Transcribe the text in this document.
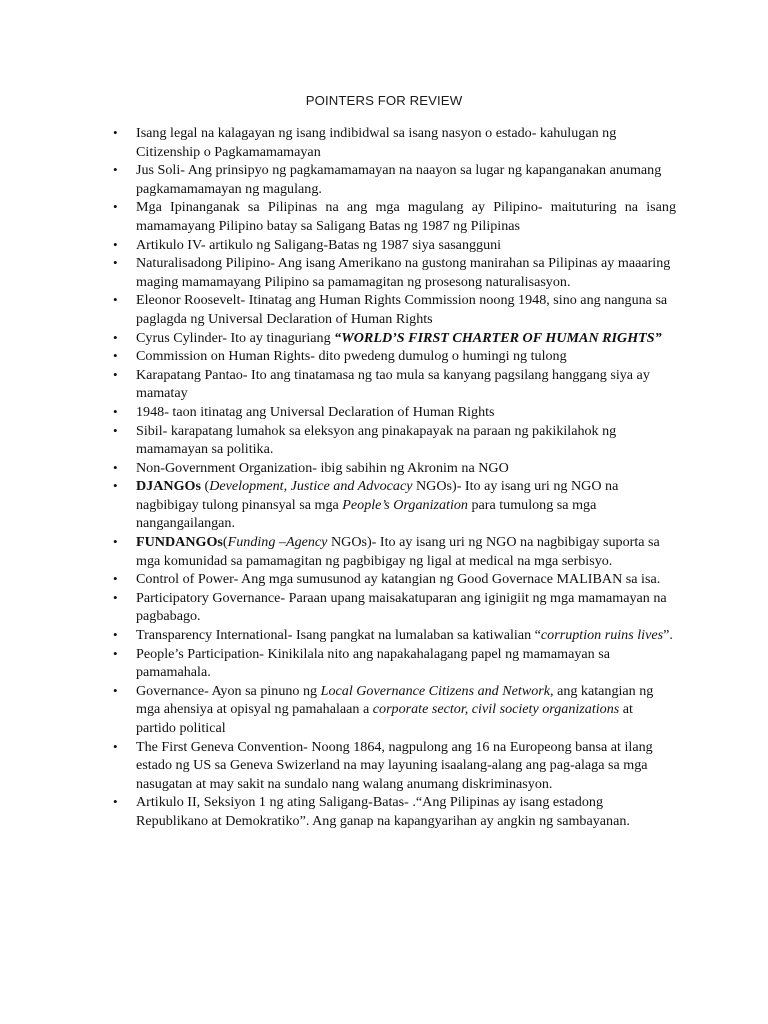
POINTERS FOR REVIEW
• Isang legal na kalagayan ng isang indibidwal sa isang nasyon o estado- kahulugan ng Citizenship o Pagkamamamayan
• Jus Soli- Ang prinsipyo ng pagkamamamayan na naayon sa lugar ng kapanganakan anumang pagkamamamayan ng magulang.
• Mga Ipinanganak sa Pilipinas na ang mga magulang ay Pilipino- maituturing na isang mamamayang Pilipino batay sa Saligang Batas ng 1987 ng Pilipinas
• Artikulo IV- artikulo ng Saligang-Batas ng 1987 siya sasangguni
• Naturalisadong Pilipino- Ang isang Amerikano na gustong manirahan sa Pilipinas ay maaaring maging mamamayang Pilipino sa pamamagitan ng prosesong naturalisasyon.
• Eleonor Roosevelt- Itinatag ang Human Rights Commission noong 1948, sino ang nanguna sa paglagda ng Universal Declaration of Human Rights
• Cyrus Cylinder- Ito ay tinaguriang “WORLD’S FIRST CHARTER OF HUMAN RIGHTS”
• Commission on Human Rights- dito pwedeng dumulog o humingi ng tulong
• Karapatang Pantao- Ito ang tinatamasa ng tao mula sa kanyang pagsilang hanggang siya ay mamatay
• 1948- taon itinatag ang Universal Declaration of Human Rights
• Sibil- karapatang lumahok sa eleksyon ang pinakapayak na paraan ng pakikilahok ng mamamayan sa politika.
• Non-Government Organization- ibig sabihin ng Akronim na NGO
• DJANGOs (Development, Justice and Advocacy NGOs)- Ito ay isang uri ng NGO na nagbibigay tulong pinansyal sa mga People’s Organization para tumulong sa mga nangangailangan.
• FUNDANGOs(Funding –Agency NGOs)- Ito ay isang uri ng NGO na nagbibigay suporta sa mga komunidad sa pamamagitan ng pagbibigay ng ligal at medical na mga serbisyo.
• Control of Power- Ang mga sumusunod ay katangian ng Good Governace MALIBAN sa isa.
• Participatory Governance- Paraan upang maisakatuparan ang iginigiit ng mga mamamayan na pagbabago.
• Transparency International- Isang pangkat na lumalaban sa katiwalian “corruption ruins lives”.
• People’s Participation- Kinikilala nito ang napakahalagang papel ng mamamayan sa pamamahala.
• Governance- Ayon sa pinuno ng Local Governance Citizens and Network, ang katangian ng mga ahensiya at opisyal ng pamahalaan a corporate sector, civil society organizations at partido political
• The First Geneva Convention- Noong 1864, nagpulong ang 16 na Europeong bansa at ilang estado ng US sa Geneva Swizerland na may layuning isaalang-alang ang pag-alaga sa mga nasugatan at may sakit na sundalo nang walang anumang diskriminasyon.
• Artikulo II, Seksiyon 1 ng ating Saligang-Batas- .“Ang Pilipinas ay isang estadong Republikano at Demokratiko”. Ang ganap na kapangyarihan ay angkin ng sambayanan.
